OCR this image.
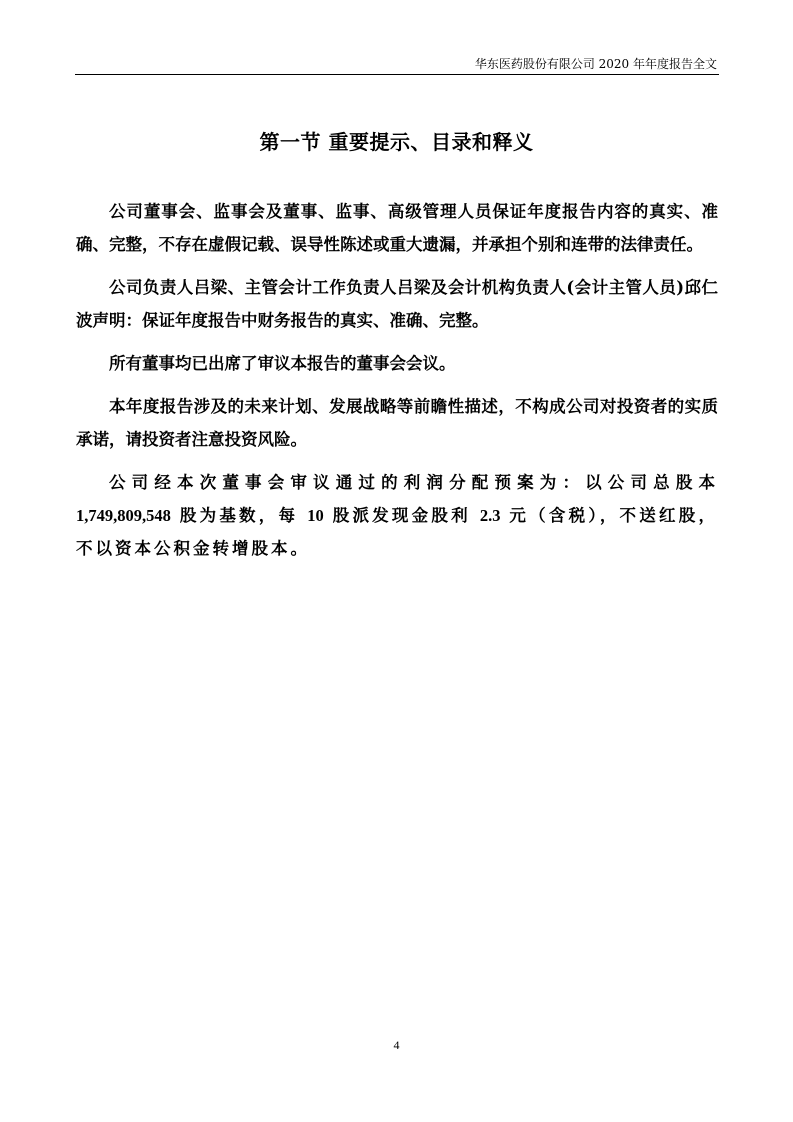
华东医药股份有限公司 2020 年年度报告全文
第一节 重要提示、目录和释义

公司董事会、监事会及董事、监事、高级管理人员保证年度报告内容的真实、准确、完整，不存在虚假记载、误导性陈述或重大遗漏，并承担个别和连带的法律责任。

公司负责人吕梁、主管会计工作负责人吕梁及会计机构负责人(会计主管人员)邱仁波声明：保证年度报告中财务报告的真实、准确、完整。

所有董事均已出席了审议本报告的董事会会议。

本年度报告涉及的未来计划、发展战略等前瞻性描述，不构成公司对投资者的实质承诺，请投资者注意投资风险。

公司经本次董事会审议通过的利润分配预案为：以公司总股本1,749,809,548 股为基数，每 10 股派发现金股利 2.3 元（含税），不送红股，不以资本公积金转增股本。

4
